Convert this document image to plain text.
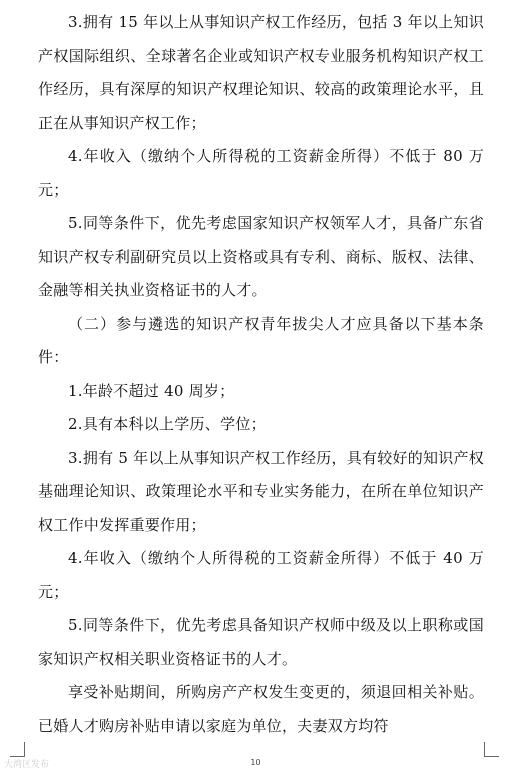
3.拥有 15 年以上从事知识产权工作经历，包括 3 年以上知识产权国际组织、全球著名企业或知识产权专业服务机构知识产权工作经历，具有深厚的知识产权理论知识、较高的政策理论水平，且正在从事知识产权工作；

4.年收入（缴纳个人所得税的工资薪金所得）不低于 80 万元；

5.同等条件下，优先考虑国家知识产权领军人才，具备广东省知识产权专利副研究员以上资格或具有专利、商标、版权、法律、金融等相关执业资格证书的人才。

（二）参与遴选的知识产权青年拔尖人才应具备以下基本条件：

1.年龄不超过 40 周岁；

2.具有本科以上学历、学位；

3.拥有 5 年以上从事知识产权工作经历，具有较好的知识产权基础理论知识、政策理论水平和专业实务能力，在所在单位知识产权工作中发挥重要作用；

4.年收入（缴纳个人所得税的工资薪金所得）不低于 40 万元；

5.同等条件下，优先考虑具备知识产权师中级及以上职称或国家知识产权相关职业资格证书的人才。

享受补贴期间，所购房产产权发生变更的，须退回相关补贴。已婚人才购房补贴申请以家庭为单位，夫妻双方均符

10
大湾区发布
